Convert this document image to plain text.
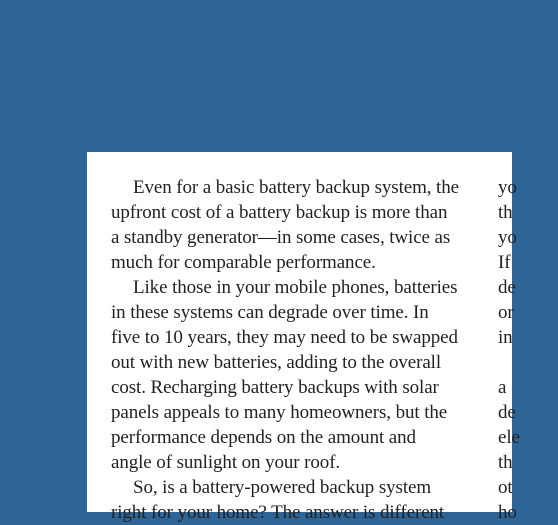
Even for a basic battery backup system, the
upfront cost of a battery backup is more than
a standby generator—in some cases, twice as
much for comparable performance.
Like those in your mobile phones, batteries
in these systems can degrade over time. In
five to 10 years, they may need to be swapped
out with new batteries, adding to the overall
cost. Recharging battery backups with solar
panels appeals to many homeowners, but the
performance depends on the amount and
angle of sunlight on your roof.
So, is a battery-powered backup system
right for your home? The answer is different
yo
th
yo
If
de
or
in
a
de
ele
th
ot
ho
